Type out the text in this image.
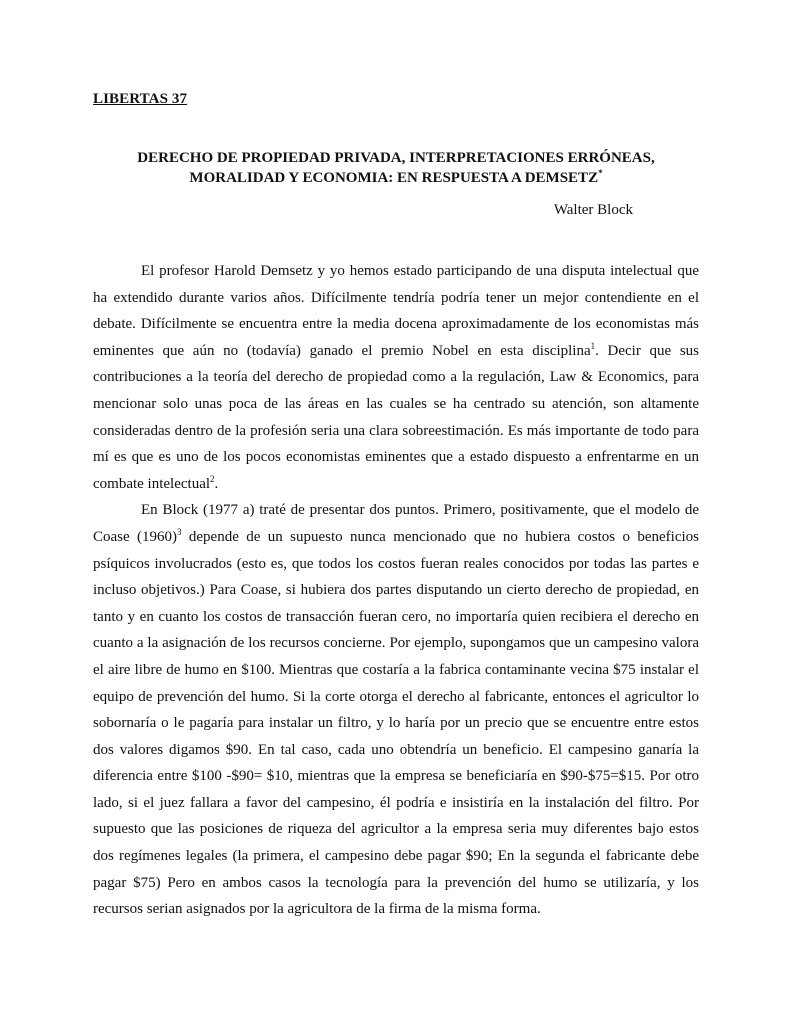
LIBERTAS 37
DERECHO DE PROPIEDAD PRIVADA, INTERPRETACIONES ERRÓNEAS,
MORALIDAD Y ECONOMIA: EN RESPUESTA A DEMSETZ*
Walter Block

El profesor Harold Demsetz y yo hemos estado participando de una disputa intelectual que ha extendido durante varios años. Difícilmente tendría podría tener un mejor contendiente en el debate. Difícilmente se encuentra entre la media docena aproximadamente de los economistas más eminentes que aún no (todavía) ganado el premio Nobel en esta disciplina$^1$. Decir que sus contribuciones a la teoría del derecho de propiedad como a la regulación, Law & Economics, para mencionar solo unas poca de las áreas en las cuales se ha centrado su atención, son altamente consideradas dentro de la profesión seria una clara sobreestimación. Es más importante de todo para mí es que es uno de los pocos economistas eminentes que a estado dispuesto a enfrentarme en un combate intelectual$^2$.

En Block (1977 a) traté de presentar dos puntos. Primero, positivamente, que el modelo de Coase (1960)$^3$ depende de un supuesto nunca mencionado que no hubiera costos o beneficios psíquicos involucrados (esto es, que todos los costos fueran reales conocidos por todas las partes e incluso objetivos.) Para Coase, si hubiera dos partes disputando un cierto derecho de propiedad, en tanto y en cuanto los costos de transacción fueran cero, no importaría quien recibiera el derecho en cuanto a la asignación de los recursos concierne. Por ejemplo, supongamos que un campesino valora el aire libre de humo en $100. Mientras que costaría a la fabrica contaminante vecina $75 instalar el equipo de prevención del humo. Si la corte otorga el derecho al fabricante, entonces el agricultor lo sobornaría o le pagaría para instalar un filtro, y lo haría por un precio que se encuentre entre estos dos valores digamos $90. En tal caso, cada uno obtendría un beneficio. El campesino ganaría la diferencia entre $100 -$90= $10, mientras que la empresa se beneficiaría en $90-$75=$15. Por otro lado, si el juez fallara a favor del campesino, él podría e insistiría en la instalación del filtro. Por supuesto que las posiciones de riqueza del agricultor a la empresa seria muy diferentes bajo estos dos regímenes legales (la primera, el campesino debe pagar $90; En la segunda el fabricante debe pagar $75) Pero en ambos casos la tecnología para la prevención del humo se utilizaría, y los recursos serian asignados por la agricultora de la firma de la misma forma.
